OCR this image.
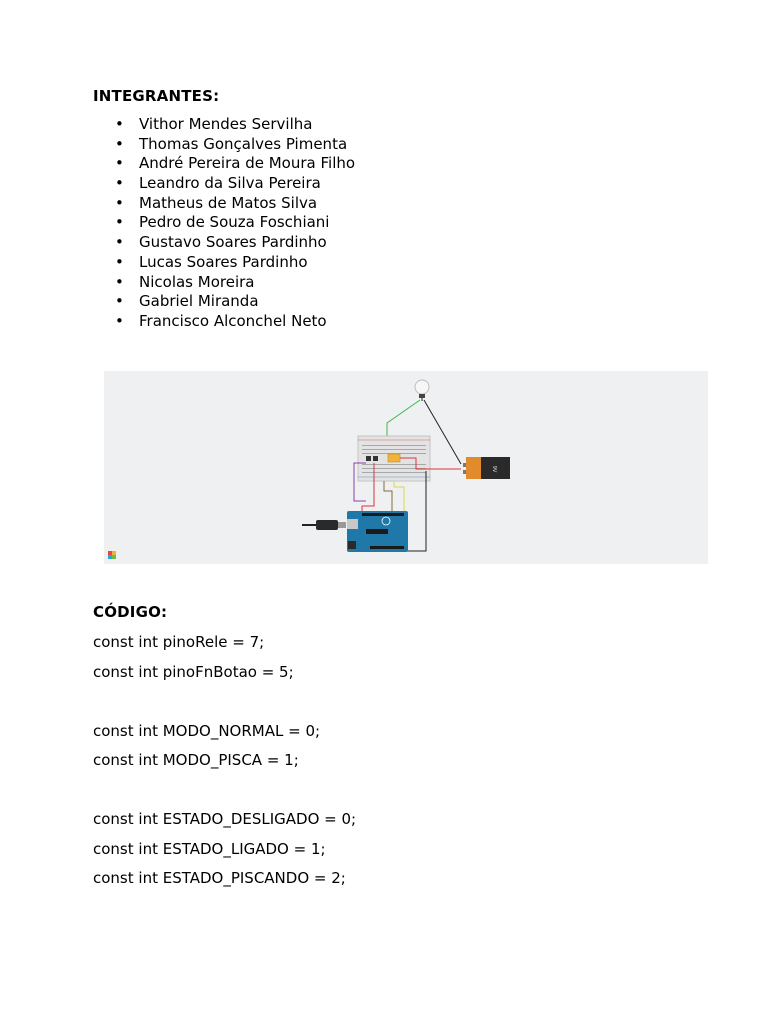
INTEGRANTES:
• Vithor Mendes Servilha
• Thomas Gonçalves Pimenta
• André Pereira de Moura Filho
• Leandro da Silva Pereira
• Matheus de Matos Silva
• Pedro de Souza Foschiani
• Gustavo Soares Pardinho
• Lucas Soares Pardinho
• Nicolas Moreira
• Gabriel Miranda
• Francisco Alconchel Neto
9V
CÓDIGO:
const int pinoRele = 7;
const int pinoFnBotao = 5;
const int MODO_NORMAL = 0;
const int MODO_PISCA = 1;
const int ESTADO_DESLIGADO = 0;
const int ESTADO_LIGADO = 1;
const int ESTADO_PISCANDO = 2;
